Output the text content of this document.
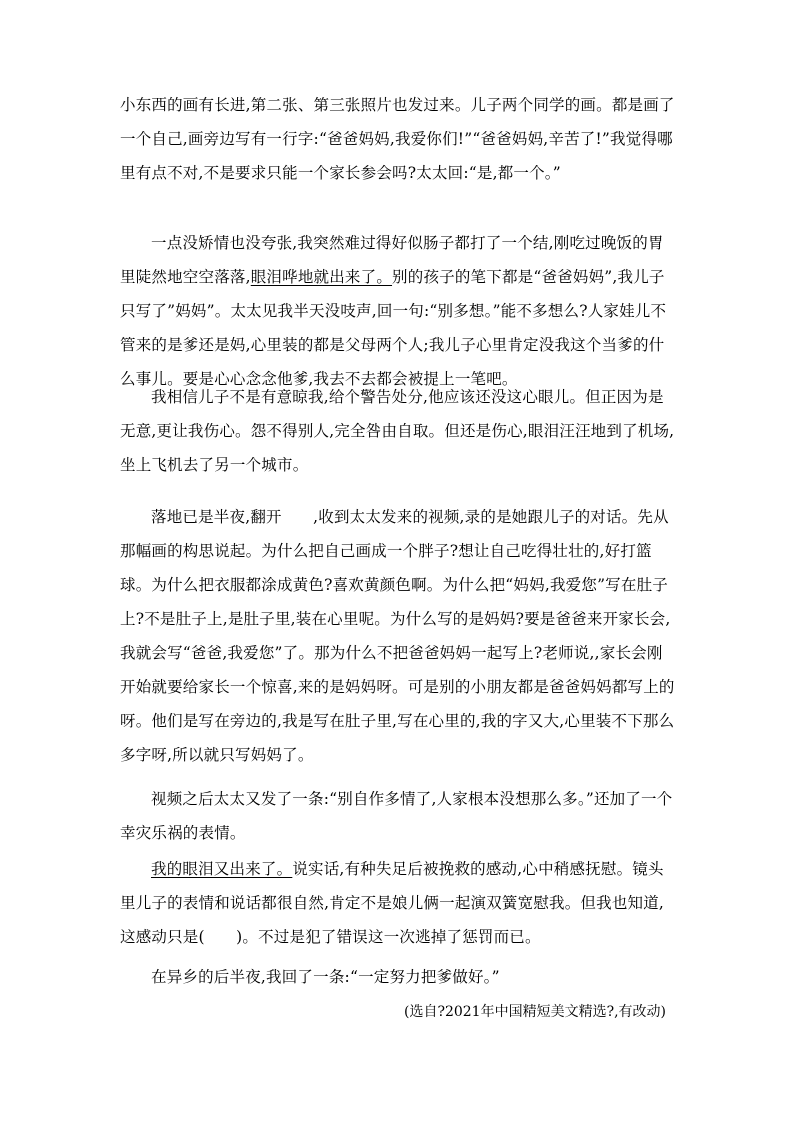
小东西的画有长进,第二张、第三张照片也发过来。儿子两个同学的画。都是画了一个自己,画旁边写有一行字:“爸爸妈妈,我爱你们!”“爸爸妈妈,辛苦了!”我觉得哪里有点不对,不是要求只能一个家长参会吗?太太回:“是,都一个。”

一点没矫情也没夸张,我突然难过得好似肠子都打了一个结,刚吃过晚饭的胃里陡然地空空落落,眼泪哗地就出来了。别的孩子的笔下都是“爸爸妈妈”,我儿子只写了”妈妈”。太太见我半天没吱声,回一句:“别多想。”能不多想么?人家娃儿不管来的是爹还是妈,心里装的都是父母两个人;我儿子心里肯定没我这个当爹的什么事儿。要是心心念念他爹,我去不去都会被提上一笔吧。

我相信儿子不是有意晾我,给个警告处分,他应该还没这心眼儿。但正因为是无意,更让我伤心。怨不得别人,完全咎由自取。但还是伤心,眼泪汪汪地到了机场,坐上飞机去了另一个城市。

落地已是半夜,翻开　　,收到太太发来的视频,录的是她跟儿子的对话。先从那幅画的构思说起。为什么把自己画成一个胖子?想让自己吃得壮壮的,好打篮球。为什么把衣服都涂成黄色?喜欢黄颜色啊。为什么把“妈妈,我爱您”写在肚子上?不是肚子上,是肚子里,装在心里呢。为什么写的是妈妈?要是爸爸来开家长会,我就会写“爸爸,我爱您”了。那为什么不把爸爸妈妈一起写上?老师说,,家长会刚开始就要给家长一个惊喜,来的是妈妈呀。可是别的小朋友都是爸爸妈妈都写上的呀。他们是写在旁边的,我是写在肚子里,写在心里的,我的字又大,心里装不下那么多字呀,所以就只写妈妈了。

视频之后太太又发了一条:“别自作多情了,人家根本没想那么多。”还加了一个幸灾乐祸的表情。

我的眼泪又出来了。说实话,有种失足后被挽救的感动,心中稍感抚慰。镜头里儿子的表情和说话都很自然,肯定不是娘儿俩一起演双簧宽慰我。但我也知道,这感动只是(　　)。不过是犯了错误这一次逃掉了惩罚而已。

在异乡的后半夜,我回了一条:“一定努力把爹做好。”

(选自?2021年中国精短美文精选?,有改动)
